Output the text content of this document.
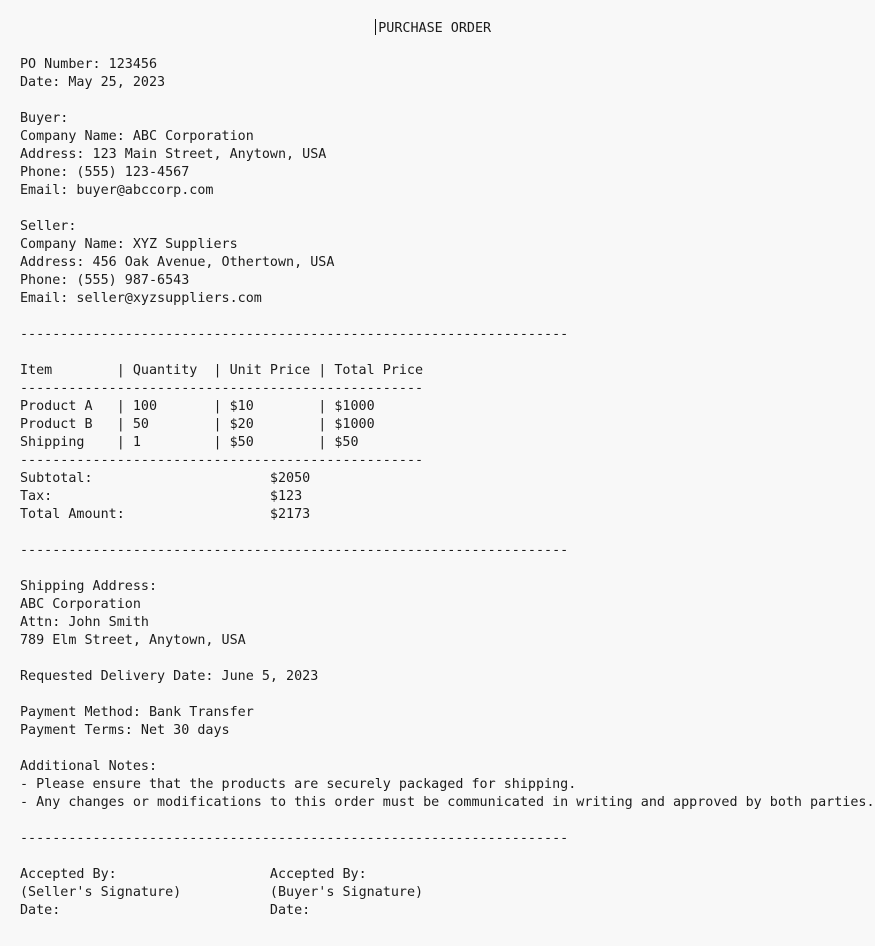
PURCHASE ORDER
PO Number: 123456
Date: May 25, 2023
Buyer:
Company Name: ABC Corporation
Address: 123 Main Street, Anytown, USA
Phone: (555) 123-4567
Email: buyer@abccorp.com
Seller:
Company Name: XYZ Suppliers
Address: 456 Oak Avenue, Othertown, USA
Phone: (555) 987-6543
Email: seller@xyzsuppliers.com
--------------------------------------------------------------------
Item	| Quantity | Unit Price | Total Price
--------------------------------------------------
Product A | 100	| $10	| $1000
Product B | 50	| $20	| $1000
Shipping | 1	| $50	| $50
--------------------------------------------------
Subtotal:	$2050
Tax:	$123
Total Amount:	$2173
--------------------------------------------------------------------
Shipping Address:
ABC Corporation
Attn: John Smith
789 Elm Street, Anytown, USA
Requested Delivery Date: June 5, 2023
Payment Method: Bank Transfer
Payment Terms: Net 30 days
Additional Notes:
- Please ensure that the products are securely packaged for shipping.
- Any changes or modifications to this order must be communicated in writing and approved by both parties.
--------------------------------------------------------------------
Accepted By:	Accepted By:
(Seller's Signature)	(Buyer's Signature)
Date:	Date:
